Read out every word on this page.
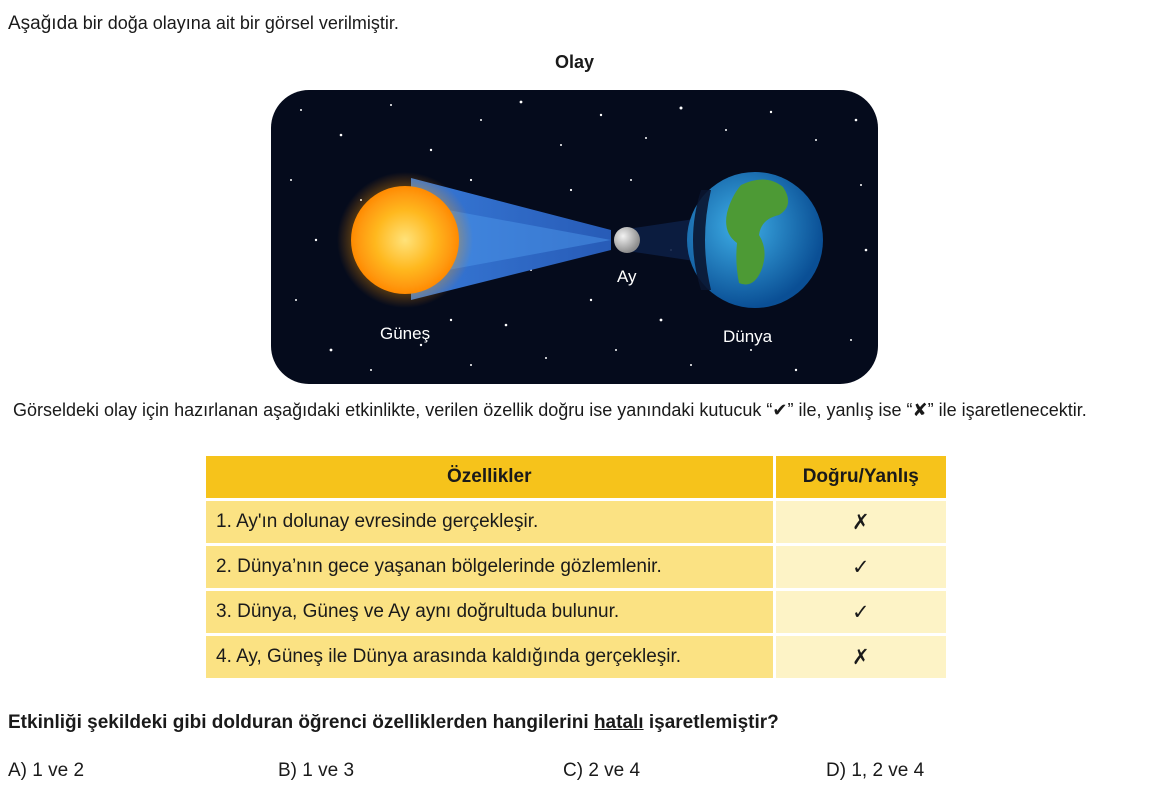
Aşağıda bir doğa olayına ait bir görsel verilmiştir.
Olay
Güneş
Ay
Dünya
Görseldeki olay için hazırlanan aşağıdaki etkinlikte, verilen özellik doğru ise yanındaki kutucuk “✔” ile, yanlış ise “✘” ile işaretlenecektir.
Özellikler	Doğru/Yanlış
1. Ay'ın dolunay evresinde gerçekleşir.	✗
2. Dünya’nın gece yaşanan bölgelerinde gözlemlenir.	✓
3. Dünya, Güneş ve Ay aynı doğrultuda bulunur.	✓
4. Ay, Güneş ile Dünya arasında kaldığında gerçekleşir.	✗
Etkinliği şekildeki gibi dolduran öğrenci özelliklerden hangilerini hatalı işaretlemiştir?
A) 1 ve 2	B) 1 ve 3	C) 2 ve 4	D) 1, 2 ve 4
